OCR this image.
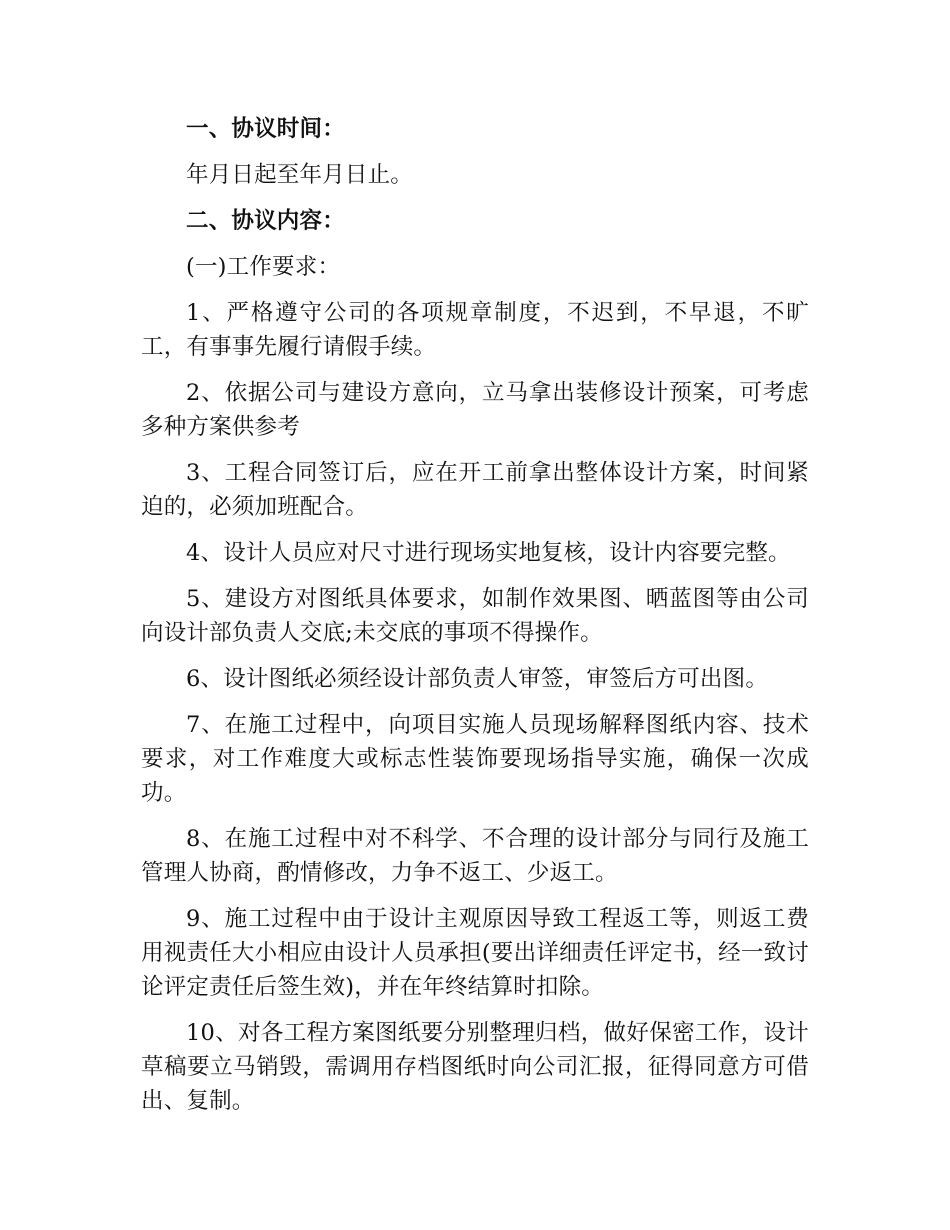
一、协议时间：

年月日起至年月日止。

二、协议内容：

(一)工作要求：

1、严格遵守公司的各项规章制度，不迟到，不早退，不旷工，有事事先履行请假手续。

2、依据公司与建设方意向，立马拿出装修设计预案，可考虑多种方案供参考

3、工程合同签订后，应在开工前拿出整体设计方案，时间紧迫的，必须加班配合。

4、设计人员应对尺寸进行现场实地复核，设计内容要完整。

5、建设方对图纸具体要求，如制作效果图、晒蓝图等由公司向设计部负责人交底;未交底的事项不得操作。

6、设计图纸必须经设计部负责人审签，审签后方可出图。

7、在施工过程中，向项目实施人员现场解释图纸内容、技术要求，对工作难度大或标志性装饰要现场指导实施，确保一次成功。

8、在施工过程中对不科学、不合理的设计部分与同行及施工管理人协商，酌情修改，力争不返工、少返工。

9、施工过程中由于设计主观原因导致工程返工等，则返工费用视责任大小相应由设计人员承担(要出详细责任评定书，经一致讨论评定责任后签生效)，并在年终结算时扣除。

10、对各工程方案图纸要分别整理归档，做好保密工作，设计草稿要立马销毁，需调用存档图纸时向公司汇报，征得同意方可借出、复制。
